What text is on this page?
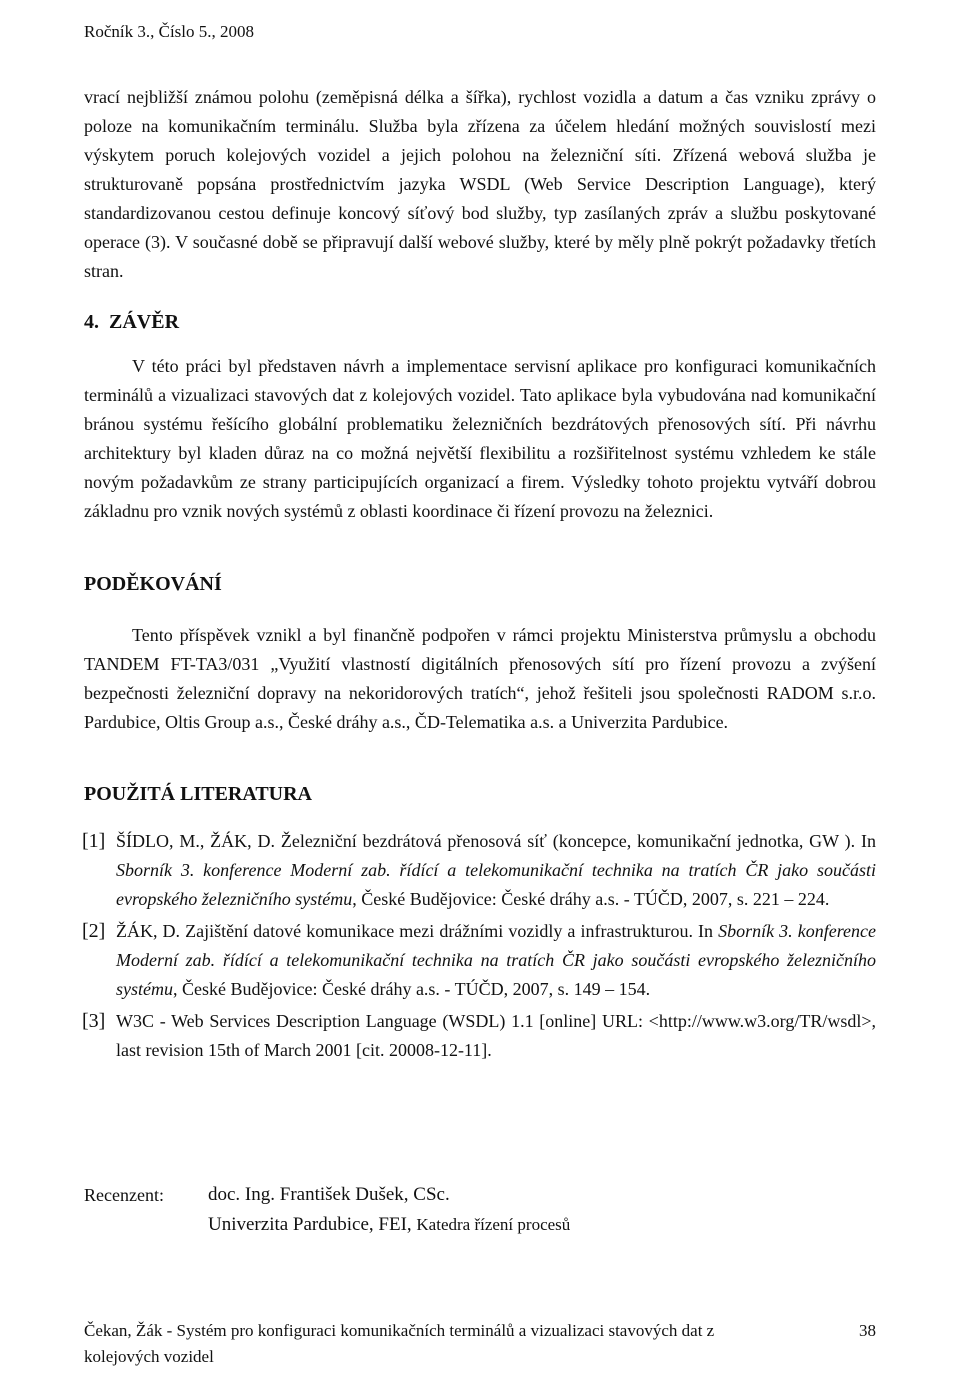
Ročník 3., Číslo 5., 2008

vrací nejbližší známou polohu (zeměpisná délka a šířka), rychlost vozidla a datum a čas vzniku zprávy o poloze na komunikačním terminálu. Služba byla zřízena za účelem hledání možných souvislostí mezi výskytem poruch kolejových vozidel a jejich polohou na železniční síti. Zřízená webová služba je strukturovaně popsána prostřednictvím jazyka WSDL (Web Service Description Language), který standardizovanou cestou definuje koncový síťový bod služby, typ zasílaných zpráv a službu poskytované operace (3). V současné době se připravují další webové služby, které by měly plně pokrýt požadavky třetích stran.

4.  ZÁVĚR

V této práci byl představen návrh a implementace servisní aplikace pro konfiguraci komunikačních terminálů a vizualizaci stavových dat z kolejových vozidel. Tato aplikace byla vybudována nad komunikační bránou systému řešícího globální problematiku železničních bezdrátových přenosových sítí. Při návrhu architektury byl kladen důraz na co možná největší flexibilitu a rozšiřitelnost systému vzhledem ke stále novým požadavkům ze strany participujících organizací a firem. Výsledky tohoto projektu vytváří dobrou základnu pro vznik nových systémů z oblasti koordinace či řízení provozu na železnici.

PODĚKOVÁNÍ

Tento příspěvek vznikl a byl finančně podpořen v rámci projektu Ministerstva průmyslu a obchodu TANDEM FT-TA3/031 „Využití vlastností digitálních přenosových sítí pro řízení provozu a zvýšení bezpečnosti železniční dopravy na nekoridorových tratích“, jehož řešiteli jsou společnosti RADOM s.r.o. Pardubice, Oltis Group a.s., České dráhy a.s., ČD-Telematika a.s. a Univerzita Pardubice.

POUŽITÁ LITERATURA
[1] ŠÍDLO, M., ŽÁK, D. Železniční bezdrátová přenosová síť (koncepce, komunikační jednotka, GW ). In Sborník 3. konference Moderní zab. řídící a telekomunikační technika na tratích ČR jako součásti evropského železničního systému, České Budějovice: České dráhy a.s. - TÚČD, 2007, s. 221 – 224.
[2] ŽÁK, D. Zajištění datové komunikace mezi drážními vozidly a infrastrukturou. In Sborník 3. konference Moderní zab. řídící a telekomunikační technika na tratích ČR jako součásti evropského železničního systému, České Budějovice: České dráhy a.s. - TÚČD, 2007, s. 149 – 154.
[3] W3C - Web Services Description Language (WSDL) 1.1 [online] URL: <http://www.w3.org/TR/wsdl>, last revision 15th of March 2001 [cit. 20008-12-11].
Recenzent:	doc. Ing. František Dušek, CSc.
Univerzita Pardubice, FEI, Katedra řízení procesů
Čekan, Žák - Systém pro konfiguraci komunikačních terminálů a vizualizaci stavových dat z kolejových vozidel
38
